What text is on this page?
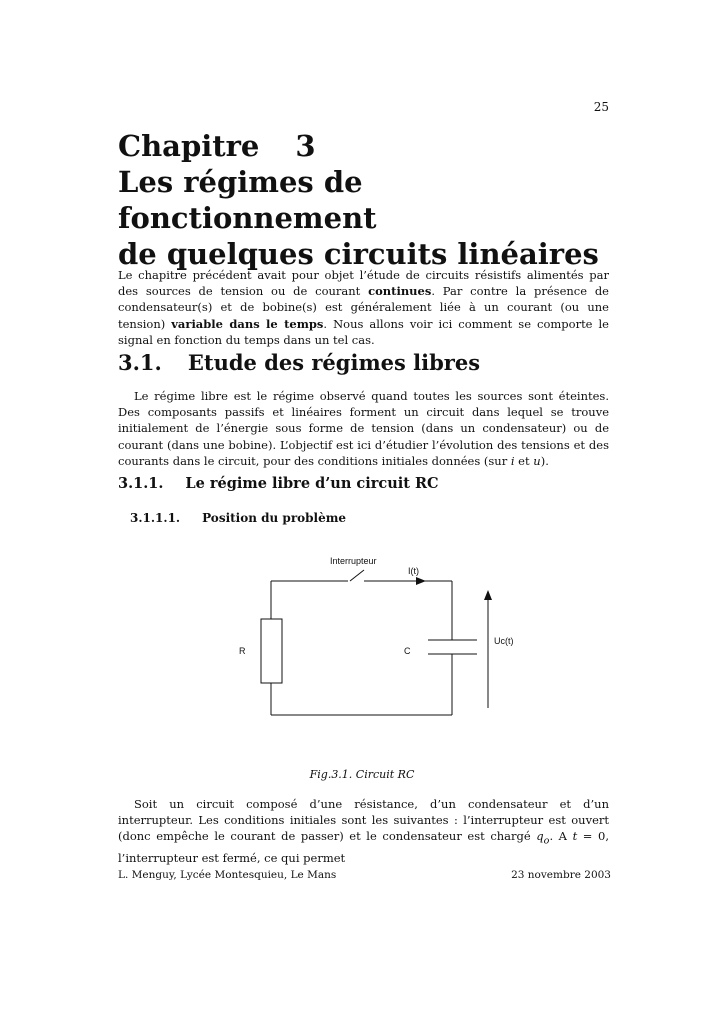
25
Chapitre 3
Les régimes de fonctionnement
de quelques circuits linéaires

Le chapitre précédent avait pour objet l’étude de circuits résistifs alimentés par des sources de tension ou de courant continues. Par contre la présence de condensateur(s) et de bobine(s) est généralement liée à un courant (ou une tension) variable dans le temps. Nous allons voir ici comment se comporte le signal en fonction du temps dans un tel cas.

3.1. Etude des régimes libres

Le régime libre est le régime observé quand toutes les sources sont éteintes. Des composants passifs et linéaires forment un circuit dans lequel se trouve initialement de l’énergie sous forme de tension (dans un condensateur) ou de courant (dans une bobine). L’objectif est ici d’étudier l’évolution des tensions et des courants dans le circuit, pour des conditions initiales données (sur i et u).

3.1.1. Le régime libre d’un circuit RC
3.1.1.1. Position du problème
Interrupteur
I(t)
R	C
Uc(t)
Fig.3.1. Circuit RC

Soit un circuit composé d’une résistance, d’un condensateur et d’un interrupteur. Les conditions initiales sont les suivantes : l’interrupteur est ouvert (donc empêche le courant de passer) et le condensateur est chargé $q_o$. A t = 0, l’interrupteur est fermé, ce qui permet

L. Menguy, Lycée Montesquieu, Le Mans	23 novembre 2003
